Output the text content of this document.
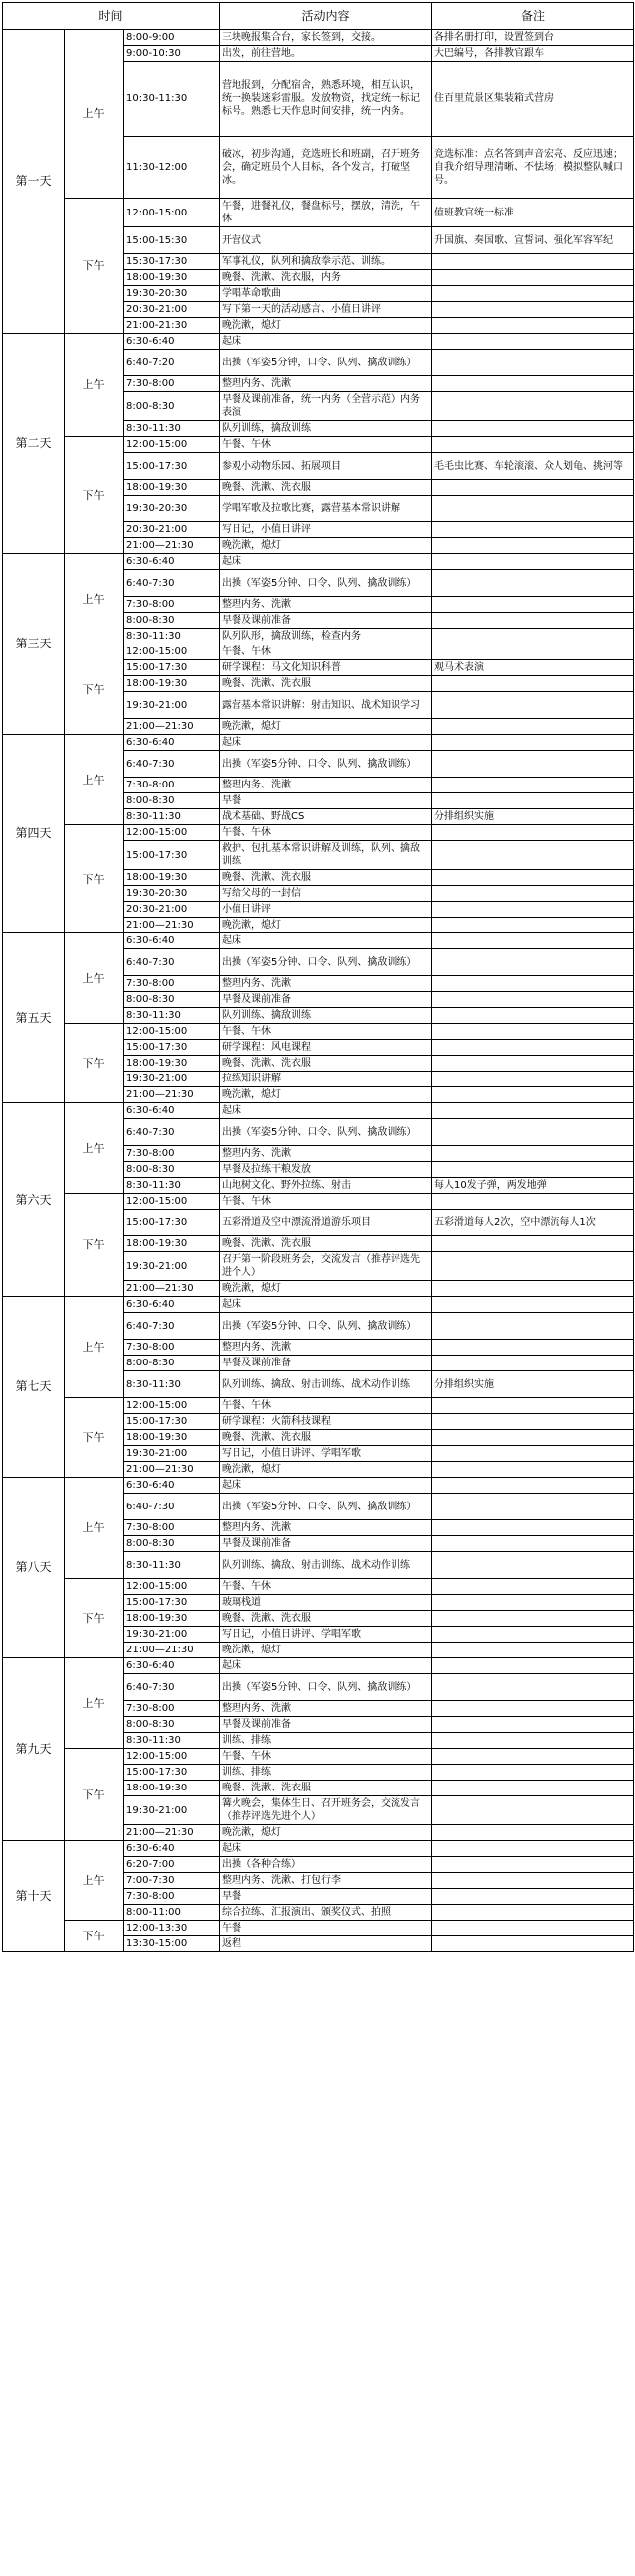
时间			活动内容	备注
第一天	上午	8:00-9:00	三块晚报集合台，家长签到，交接。	各排名册打印，设置签到台
		9:00-10:30	出发，前往营地。	大巴编号，各排教官跟车
		10:30-11:30	营地报到，分配宿舍，熟悉环境，相互认识，统一换装迷彩雷服。发放物资，找定统一标记标号。熟悉七天作息时间安排，统一内务。	住百里荒景区集装箱式营房
		11:30-12:00	破冰，初步沟通，竞选班长和班副，召开班务会，确定班员个人目标，各个发言，打破坚冰。	竞选标准：点名答到声音宏亮、反应迅速；自我介绍导理清晰、不怯场；模拟整队喊口号。
	下午	12:00-15:00	午餐，进餐礼仪，餐盘标号，摆放，清洗，午休	值班教官统一标准
		15:00-15:30	开营仪式	升国旗、奏国歌、宣誓词、强化军容军纪
		15:30-17:30	军事礼仪，队列和擒敌拳示范、训练。	
		18:00-19:30	晚餐、洗漱、洗衣服，内务	
		19:30-20:30	学唱革命歌曲	
		20:30-21:00	写下第一天的活动感言、小值日讲评	
		21:00-21:30	晚洗漱，熄灯	
第二天	上午	6:30-6:40	起床	
		6:40-7:20	出操（军姿5分钟，口令、队列、擒敌训练）	
		7:30-8:00	整理内务、洗漱	
		8:00-8:30	早餐及课前准备，统一内务（全营示范）内务表演	
		8:30-11:30	队列训练，擒敌训练	
	下午	12:00-15:00	午餐、午休	
		15:00-17:30	参观小动物乐园、拓展项目	毛毛虫比赛、车轮滚滚、众人划龟、挑河等
		18:00-19:30	晚餐、洗漱、洗衣服	
		19:30-20:30	学唱军歌及拉歌比赛，露营基本常识讲解	
		20:30-21:00	写日记，小值日讲评	
		21:00—21:30	晚洗漱，熄灯	
第三天	上午	6:30-6:40	起床	
		6:40-7:30	出操（军姿5分钟、口令、队列、擒敌训练）	
		7:30-8:00	整理内务、洗漱	
		8:00-8:30	早餐及课前准备	
		8:30-11:30	队列队形，擒敌训练，检查内务	
	下午	12:00-15:00	午餐、午休	
		15:00-17:30	研学课程：马文化知识科普	观马术表演
		18:00-19:30	晚餐、洗漱、洗衣服	
		19:30-21:00	露营基本常识讲解：射击知识、战术知识学习	
		21:00—21:30	晚洗漱，熄灯	
第四天	上午	6:30-6:40	起床	
		6:40-7:30	出操（军姿5分钟、口令、队列、擒敌训练）	
		7:30-8:00	整理内务、洗漱	
		8:00-8:30	早餐	
		8:30-11:30	战术基础、野战CS	分排组织实施
	下午	12:00-15:00	午餐、午休	
		15:00-17:30	救护、包扎基本常识讲解及训练，队列、擒敌训练	
		18:00-19:30	晚餐、洗漱、洗衣服	
		19:30-20:30	写给父母的一封信	
		20:30-21:00	小值日讲评	
		21:00—21:30	晚洗漱，熄灯	
第五天	上午	6:30-6:40	起床	
		6:40-7:30	出操（军姿5分钟、口令、队列、擒敌训练）	
		7:30-8:00	整理内务、洗漱	
		8:00-8:30	早餐及课前准备	
		8:30-11:30	队列训练、擒敌训练	
	下午	12:00-15:00	午餐、午休	
		15:00-17:30	研学课程：风电课程	
		18:00-19:30	晚餐、洗漱、洗衣服	
		19:30-21:00	拉练知识讲解	
		21:00—21:30	晚洗漱，熄灯	
第六天	上午	6:30-6:40	起床	
		6:40-7:30	出操（军姿5分钟、口令、队列、擒敌训练）	
		7:30-8:00	整理内务、洗漱	
		8:00-8:30	早餐及拉练干粮发放	
		8:30-11:30	山地树文化、野外拉练、射击	每人10发子弹，两发地弹
	下午	12:00-15:00	午餐、午休	
		15:00-17:30	五彩滑道及空中漂流滑道游乐项目	五彩滑道每人2次，空中漂流每人1次
		18:00-19:30	晚餐、洗漱、洗衣服	
		19:30-21:00	召开第一阶段班务会，交流发言（推荐评选先进个人）	
		21:00—21:30	晚洗漱，熄灯	
第七天	上午	6:30-6:40	起床	
		6:40-7:30	出操（军姿5分钟、口令、队列、擒敌训练）	
		7:30-8:00	整理内务、洗漱	
		8:00-8:30	早餐及课前准备	
		8:30-11:30	队列训练、擒敌、射击训练、战术动作训练	分排组织实施
	下午	12:00-15:00	午餐、午休	
		15:00-17:30	研学课程：火箭科技课程	
		18:00-19:30	晚餐、洗漱、洗衣服	
		19:30-21:00	写日记，小值日讲评、学唱军歌	
		21:00—21:30	晚洗漱，熄灯	
第八天	上午	6:30-6:40	起床	
		6:40-7:30	出操（军姿5分钟、口令、队列、擒敌训练）	
		7:30-8:00	整理内务、洗漱	
		8:00-8:30	早餐及课前准备	
		8:30-11:30	队列训练、擒敌、射击训练、战术动作训练	
	下午	12:00-15:00	午餐、午休	
		15:00-17:30	玻璃栈道	
		18:00-19:30	晚餐、洗漱、洗衣服	
		19:30-21:00	写日记，小值日讲评、学唱军歌	
		21:00—21:30	晚洗漱，熄灯	
第九天	上午	6:30-6:40	起床	
		6:40-7:30	出操（军姿5分钟、口令、队列、擒敌训练）	
		7:30-8:00	整理内务、洗漱	
		8:00-8:30	早餐及课前准备	
		8:30-11:30	训练、排练	
	下午	12:00-15:00	午餐、午休	
		15:00-17:30	训练、排练	
		18:00-19:30	晚餐、洗漱、洗衣服	
		19:30-21:00	篝火晚会，集体生日、召开班务会，交流发言（推荐评选先进个人）	
		21:00—21:30	晚洗漱，熄灯	
第十天	上午	6:30-6:40	起床	
		6:20-7:00	出操（各种合练）	
		7:00-7:30	整理内务、洗漱、打包行李	
		7:30-8:00	早餐	
		8:00-11:00	综合拉练、汇报演出、颁奖仪式、拍照	
	下午	12:00-13:30	午餐	
		13:30-15:00	返程	
